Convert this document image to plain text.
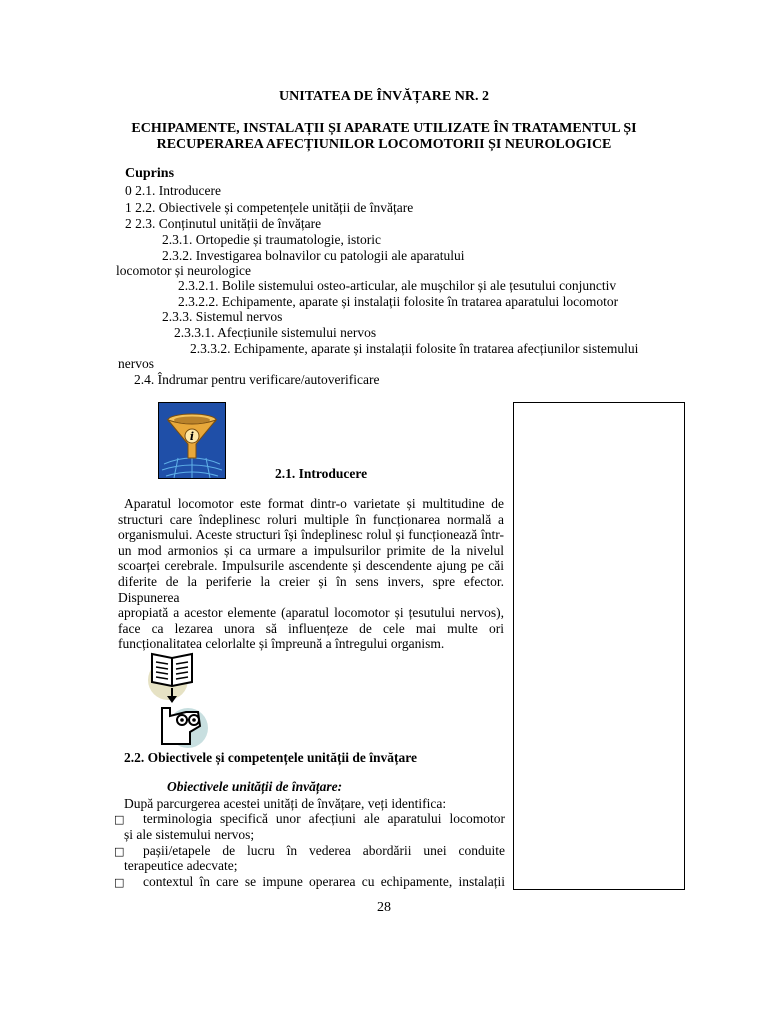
UNITATEA DE ÎNVĂȚARE NR. 2
ECHIPAMENTE, INSTALAȚII ȘI APARATE UTILIZATE ÎN TRATAMENTUL ȘI
RECUPERAREA AFECȚIUNILOR LOCOMOTORII ȘI NEUROLOGICE
Cuprins
0 2.1. Introducere
1 2.2. Obiectivele și competențele unității de învățare
2 2.3. Conținutul unității de învățare
2.3.1. Ortopedie și traumatologie, istoric
2.3.2. Investigarea bolnavilor cu patologii ale aparatului
locomotor și neurologice
2.3.2.1. Bolile sistemului osteo-articular, ale mușchilor și ale țesutului conjunctiv
2.3.2.2. Echipamente, aparate și instalații folosite în tratarea aparatului locomotor
2.3.3. Sistemul nervos
2.3.3.1. Afecțiunile sistemului nervos
2.3.3.2. Echipamente, aparate și instalații folosite în tratarea afecțiunilor sistemului
nervos
2.4. Îndrumar pentru verificare/autoverificare
i
2.1. Introducere
Aparatul locomotor este format dintr-o varietate și multitudine de
structuri care îndeplinesc roluri multiple în funcționarea normală a
organismului. Aceste structuri își îndeplinesc rolul și funcționează într-
un mod armonios și ca urmare a impulsurilor primite de la nivelul
scoarței cerebrale. Impulsurile ascendente și descendente ajung pe căi
diferite de la periferie la creier și în sens invers, spre efector. Dispunerea
apropiată a acestor elemente (aparatul locomotor și țesutului nervos),
face ca lezarea unora să influențeze de cele mai multe ori
funcționalitatea celorlalte și împreună a întregului organism.
2.2. Obiectivele și competențele unității de învățare
Obiectivele unității de învățare:
După parcurgerea acestei unități de învățare, veți identifica:
□ terminologia specifică unor afecțiuni ale aparatului locomotor
și ale sistemului nervos;
□ pașii/etapele de lucru în vederea abordării unei conduite
terapeutice adecvate;
□ contextul în care se impune operarea cu echipamente, instalații
28
